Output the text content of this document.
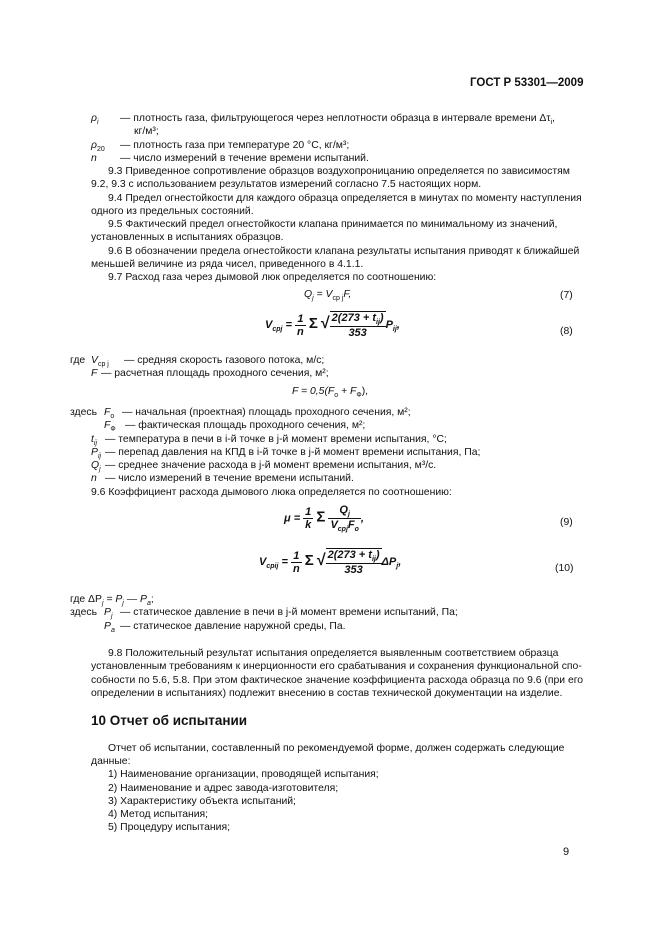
ГОСТ Р 53301—2009
$\rho_i$ — плотность газа, фильтрующегося через неплотности образца в интервале времени $\Delta\tau_i$,
кг/м³;
$\rho_{20}$ — плотность газа при температуре 20 °C, кг/м³;
n — число измерений в течение времени испытаний.
9.3 Приведенное сопротивление образцов воздухопроницанию определяется по зависимостям
9.2, 9.3 с использованием результатов измерений согласно 7.5 настоящих норм.
9.4 Предел огнестойкости для каждого образца определяется в минутах по моменту наступления
одного из предельных состояний.
9.5 Фактический предел огнестойкости клапана принимается по минимальному из значений,
установленных в испытаниях образцов.
9.6 В обозначении предела огнестойкости клапана результаты испытания приводят к ближайшей
меньшей величине из ряда чисел, приведенного в 4.1.1.
9.7 Расход газа через дымовой люк определяется по соотношению:
$Q_j = V_{ср j}F$,	(7)
$V_{cpj} = \frac{1}{n}$ Σ √ $\frac{2(273 + t_{ij})}{353} P_{ij}$,
(8)
где $V_{ср j}$ — средняя скорость газового потока, м/с;
F — расчетная площадь проходного сечения, м²;
$F = 0,5(F_о + F_Ф)$,
здесь $F_о$ — начальная (проектная) площадь проходного сечения, м²;
$F_Ф$ — фактическая площадь проходного сечения, м²;
$t_{ij}$ — температура в печи в i-й точке в j-й момент времени испытания, °С;
$P_{ij}$ — перепад давления на КПД в i-й точке в j-й момент времени испытания, Па;
$Q_j$ — среднее значение расхода в j-й момент времени испытания, м³/с.
n — число измерений в течение времени испытаний.
9.6 Коэффициент расхода дымового люка определяется по соотношению:
$\mu = \frac{1}{k}$ Σ $\frac{Q_j}{V_{cpj}F_o}$ ,	(9)
$V_{cpij} = \frac{1}{n}$ Σ √ $\frac{2(273 + t_{ij})}{353} \Delta P_j$,
(10)
где $\Delta P_j = P_j$ — $P_a$;
здесь $P_j$ — статическое давление в печи в j-й момент времени испытаний, Па;
$P_a$ — статическое давление наружной среды, Па.
9.8 Положительный результат испытания определяется выявленным соответствием образца
установленным требованиям к инерционности его срабатывания и сохранения функциональной спо-
собности по 5.6, 5.8. При этом фактическое значение коэффициента расхода образца по 9.6 (при его
определении в испытаниях) подлежит внесению в состав технической документации на изделие.
10 Отчет об испытании
Отчет об испытании, составленный по рекомендуемой форме, должен содержать следующие
данные:
1) Наименование организации, проводящей испытания;
2) Наименование и адрес завода-изготовителя;
3) Характеристику объекта испытаний;
4) Метод испытания;
5) Процедуру испытания;
9
